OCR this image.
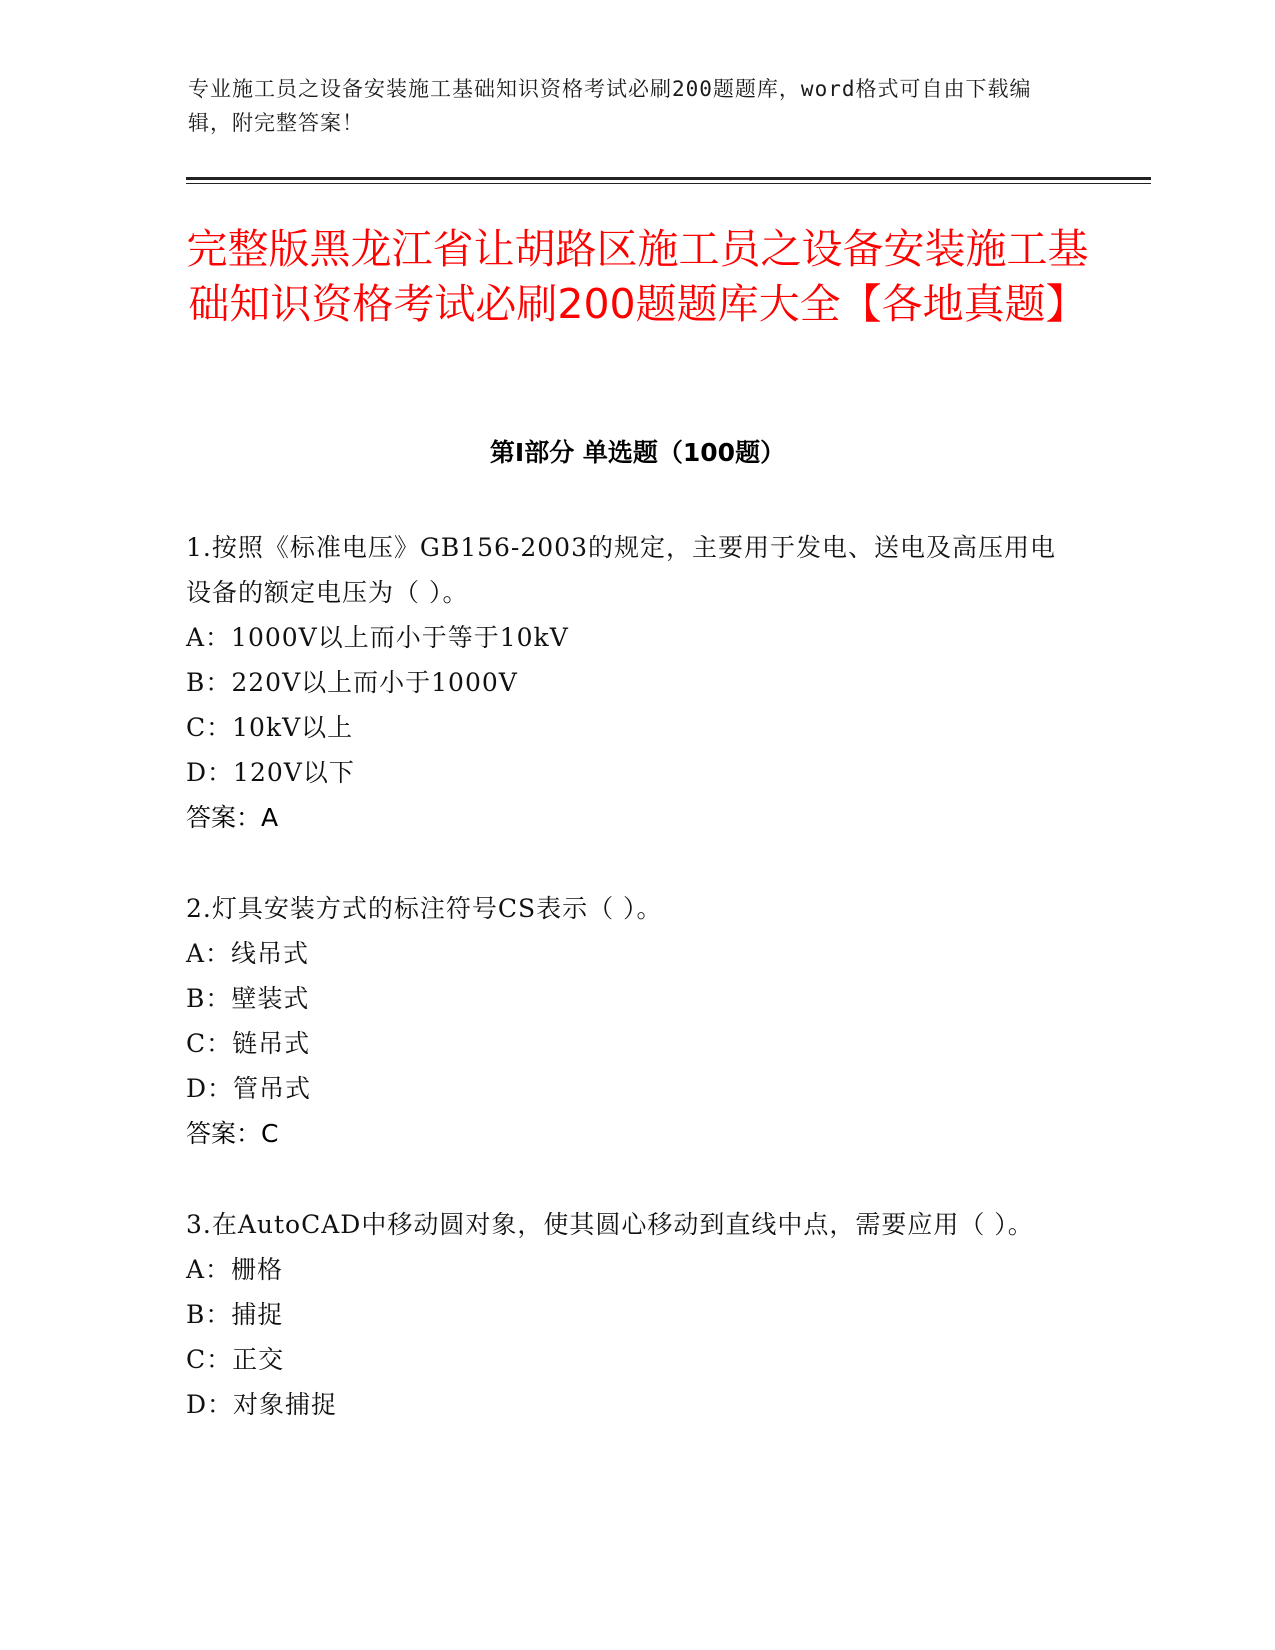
专业施工员之设备安装施工基础知识资格考试必刷200题题库，word格式可自由下载编辑，附完整答案！
完整版黑龙江省让胡路区施工员之设备安装施工基础知识资格考试必刷200题题库大全【各地真题】
第I部分 单选题（100题）
1.按照《标准电压》GB156-2003的规定，主要用于发电、送电及高压用电设备的额定电压为（ ）。
A：1000V以上而小于等于10kV
B：220V以上而小于1000V
C：10kV以上
D：120V以下
答案：A
2.灯具安装方式的标注符号CS表示（ ）。
A：线吊式
B：壁装式
C：链吊式
D：管吊式
答案：C
3.在AutoCAD中移动圆对象，使其圆心移动到直线中点，需要应用（ ）。
A：栅格
B：捕捉
C：正交
D：对象捕捉
